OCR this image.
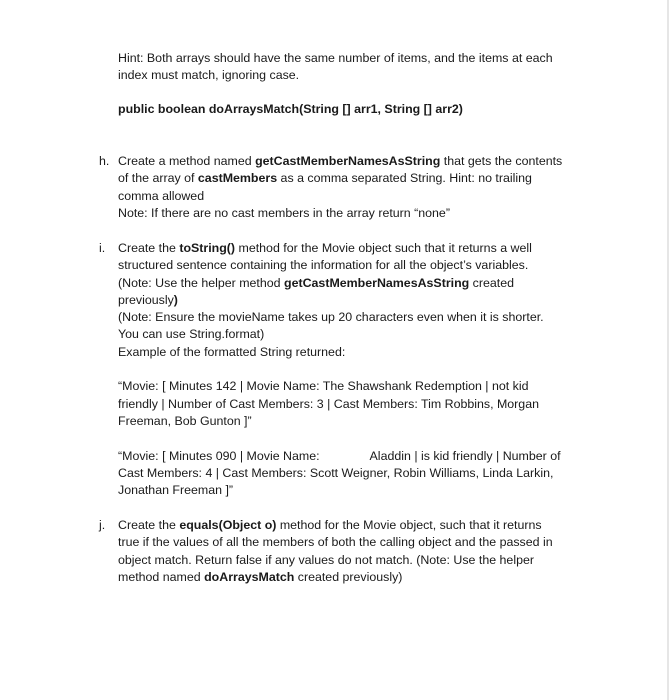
Hint: Both arrays should have the same number of items, and the items at each
index must match, ignoring case.
public boolean doArraysMatch(String [] arr1, String [] arr2)
h. Create a method named getCastMemberNamesAsString that gets the contents
of the array of castMembers as a comma separated String. Hint: no trailing
comma allowed
Note: If there are no cast members in the array return “none”
i.	Create the toString() method for the Movie object such that it returns a well
structured sentence containing the information for all the object’s variables.
(Note: Use the helper method getCastMemberNamesAsString created
previously)
(Note: Ensure the movieName takes up 20 characters even when it is shorter.
You can use String.format)
Example of the formatted String returned:
“Movie: [ Minutes 142 | Movie Name: The Shawshank Redemption | not kid
friendly | Number of Cast Members: 3 | Cast Members: Tim Robbins, Morgan
Freeman, Bob Gunton ]”
“Movie: [ Minutes 090 | Movie Name:	Aladdin | is kid friendly | Number of
Cast Members: 4 | Cast Members: Scott Weigner, Robin Williams, Linda Larkin,
Jonathan Freeman ]”
j.	Create the equals(Object o) method for the Movie object, such that it returns
true if the values of all the members of both the calling object and the passed in
object match. Return false if any values do not match. (Note: Use the helper
method named doArraysMatch created previously)
